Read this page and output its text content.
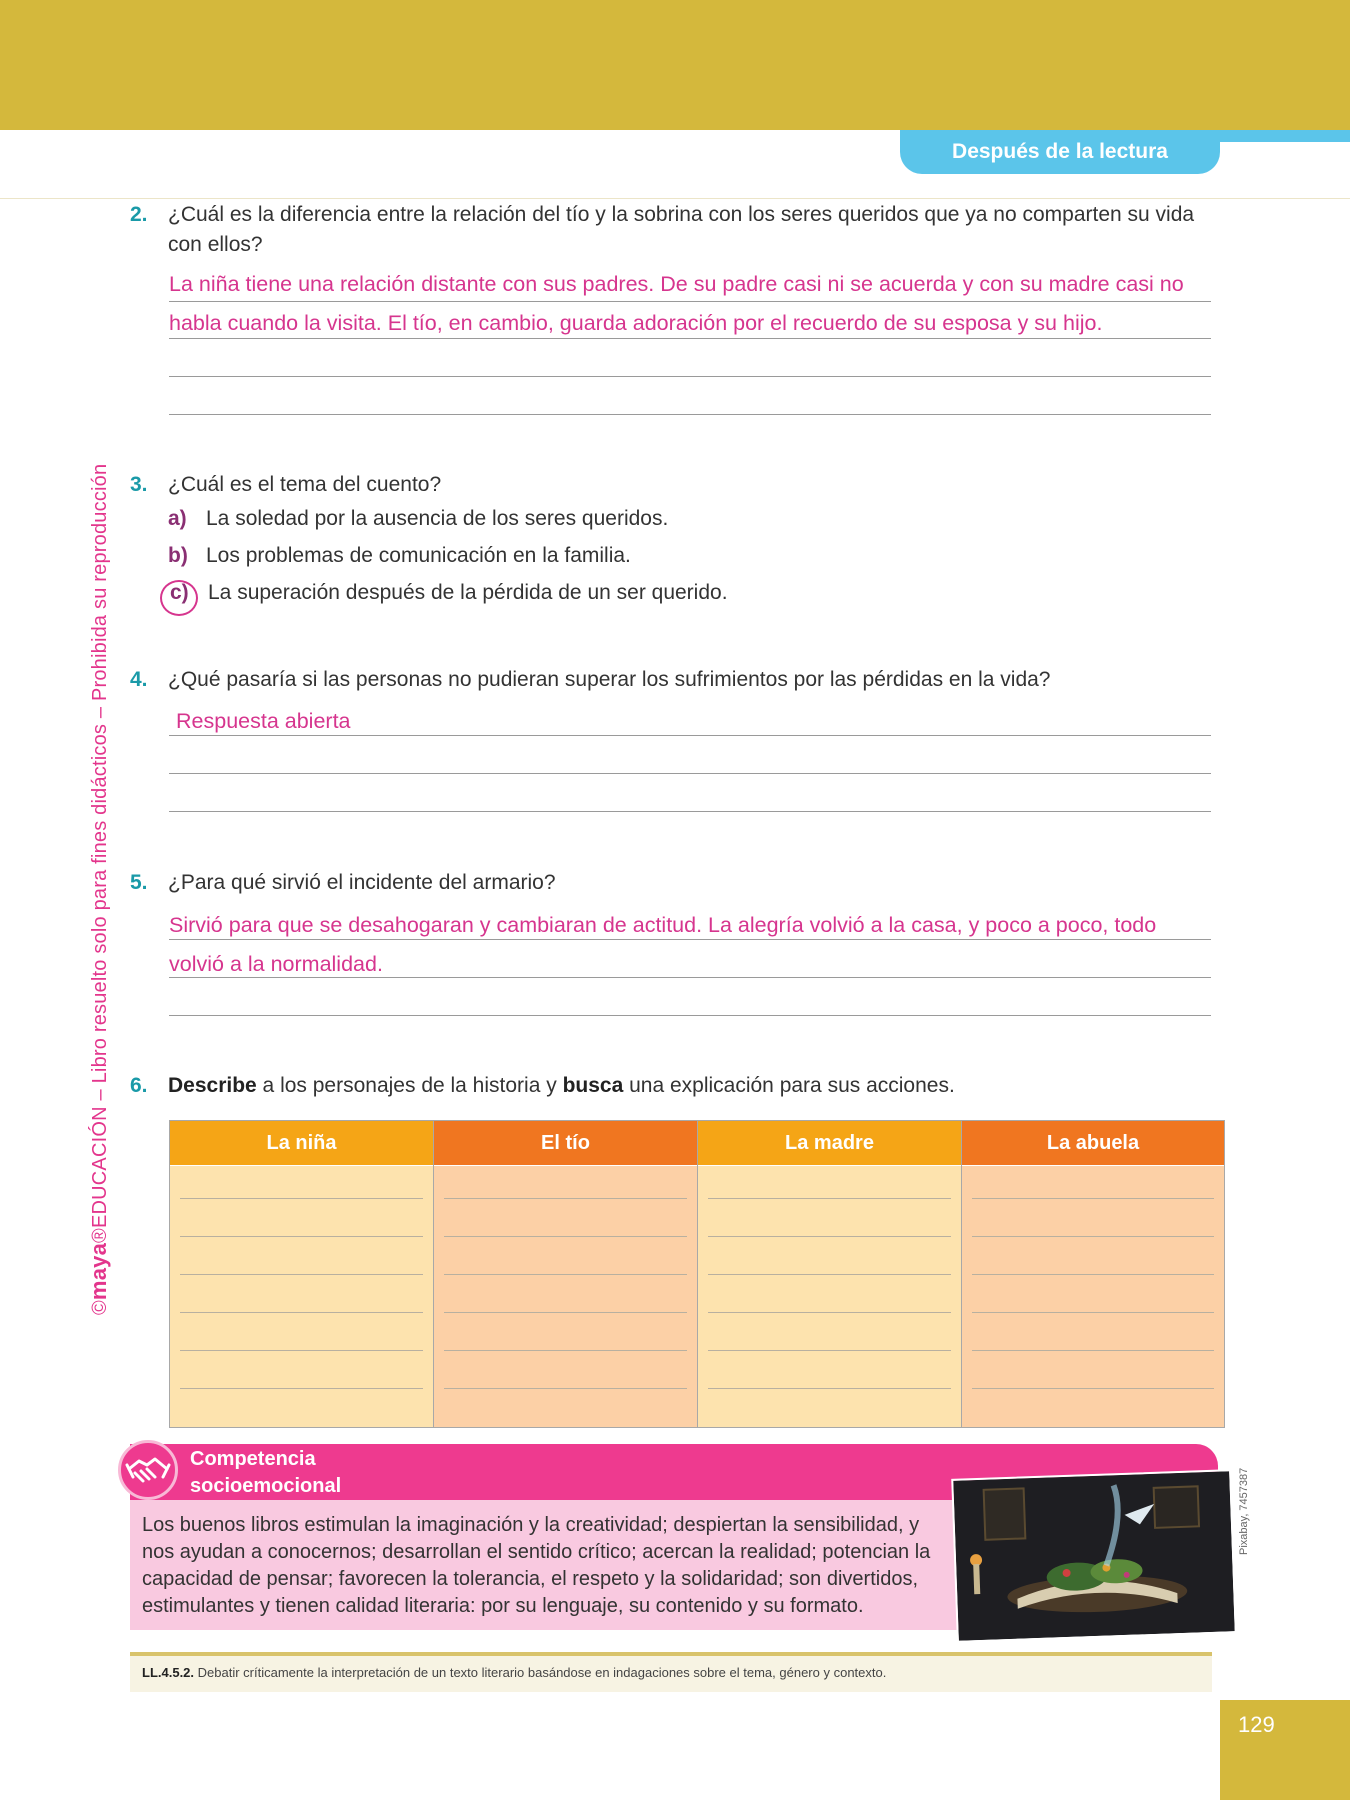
Después de la lectura
©maya®EDUCACIÓN – Libro resuelto solo para fines didácticos – Prohibida su reproducción
2. ¿Cuál es la diferencia entre la relación del tío y la sobrina con los seres queridos que ya no comparten su vida con ellos?
La niña tiene una relación distante con sus padres. De su padre casi ni se acuerda y con su madre casi no
habla cuando la visita. El tío, en cambio, guarda adoración por el recuerdo de su esposa y su hijo.
3. ¿Cuál es el tema del cuento?
a) La soledad por la ausencia de los seres queridos.
b) Los problemas de comunicación en la familia.
c) La superación después de la pérdida de un ser querido.
4. ¿Qué pasaría si las personas no pudieran superar los sufrimientos por las pérdidas en la vida?
Respuesta abierta
5. ¿Para qué sirvió el incidente del armario?
Sirvió para que se desahogaran y cambiaran de actitud. La alegría volvió a la casa, y poco a poco, todo
volvió a la normalidad.
6. Describe a los personajes de la historia y busca una explicación para sus acciones.
La niña	El tío	La madre	La abuela
Competencia
socioemocional
Los buenos libros estimulan la imaginación y la creatividad; despiertan la sensibilidad, y nos ayudan a conocernos; desarrollan el sentido crítico; acercan la realidad; potencian la capacidad de pensar; favorecen la tolerancia, el respeto y la solidaridad; son divertidos, estimulantes y tienen calidad literaria: por su lenguaje, su contenido y su formato.
Pixabay, 7457387
LL.4.5.2. Debatir críticamente la interpretación de un texto literario basándose en indagaciones sobre el tema, género y contexto.
129
